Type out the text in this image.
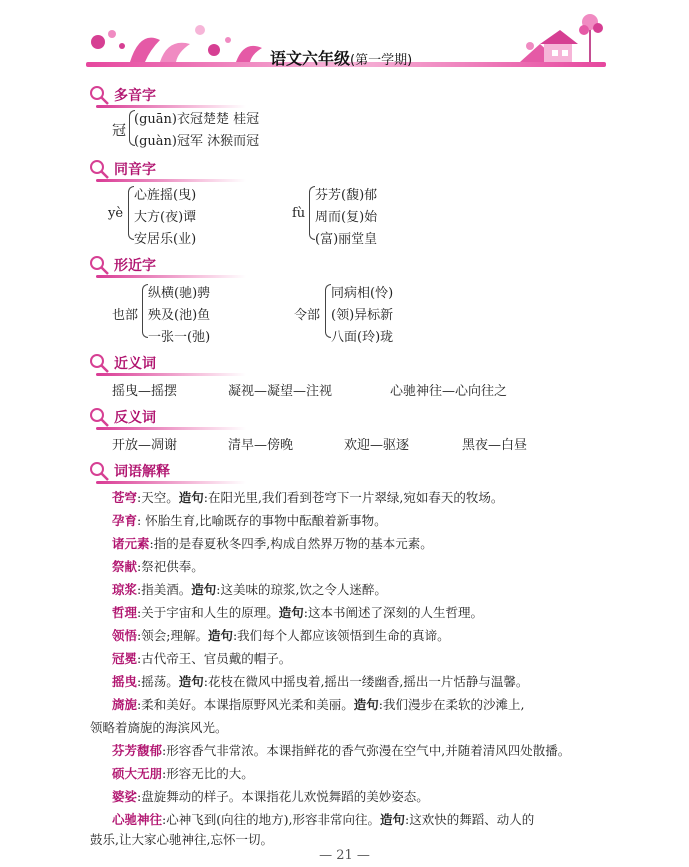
语文六年级(第一学期)
多音字
冠
(guān)衣冠楚楚 桂冠
(guàn)冠军 沐猴而冠
同音字
yè
心旌摇(曳)
大方(夜)谭
安居乐(业)
fù
芬芳(馥)郁
周而(复)始
(富)丽堂皇
形近字
也部
纵横(驰)骋
殃及(池)鱼
一张一(弛)
令部
同病相(怜)
(领)异标新
八面(玲)珑
近义词
摇曳—摇摆	凝视—凝望—注视	心驰神往—心向往之
反义词
开放—凋谢	清早—傍晚	欢迎—驱逐	黑夜—白昼
词语解释
苍穹:天空。造句:在阳光里,我们看到苍穹下一片翠绿,宛如春天的牧场。
孕育: 怀胎生育,比喻既存的事物中酝酿着新事物。
诸元素:指的是春夏秋冬四季,构成自然界万物的基本元素。
祭献:祭祀供奉。
琼浆:指美酒。造句:这美味的琼浆,饮之令人迷醉。
哲理:关于宇宙和人生的原理。造句:这本书阐述了深刻的人生哲理。
领悟:领会;理解。造句:我们每个人都应该领悟到生命的真谛。
冠冕:古代帝王、官员戴的帽子。
摇曳:摇荡。造句:花枝在微风中摇曳着,摇出一缕幽香,摇出一片恬静与温馨。
旖旎:柔和美好。本课指原野风光柔和美丽。造句:我们漫步在柔软的沙滩上,
领略着旖旎的海滨风光。
芬芳馥郁:形容香气非常浓。本课指鲜花的香气弥漫在空气中,并随着清风四处散播。
硕大无朋:形容无比的大。
婆娑:盘旋舞动的样子。本课指花儿欢悦舞蹈的美妙姿态。
心驰神往:心神飞到(向往的地方),形容非常向往。造句:这欢快的舞蹈、动人的
鼓乐,让大家心驰神往,忘怀一切。
— 21 —
